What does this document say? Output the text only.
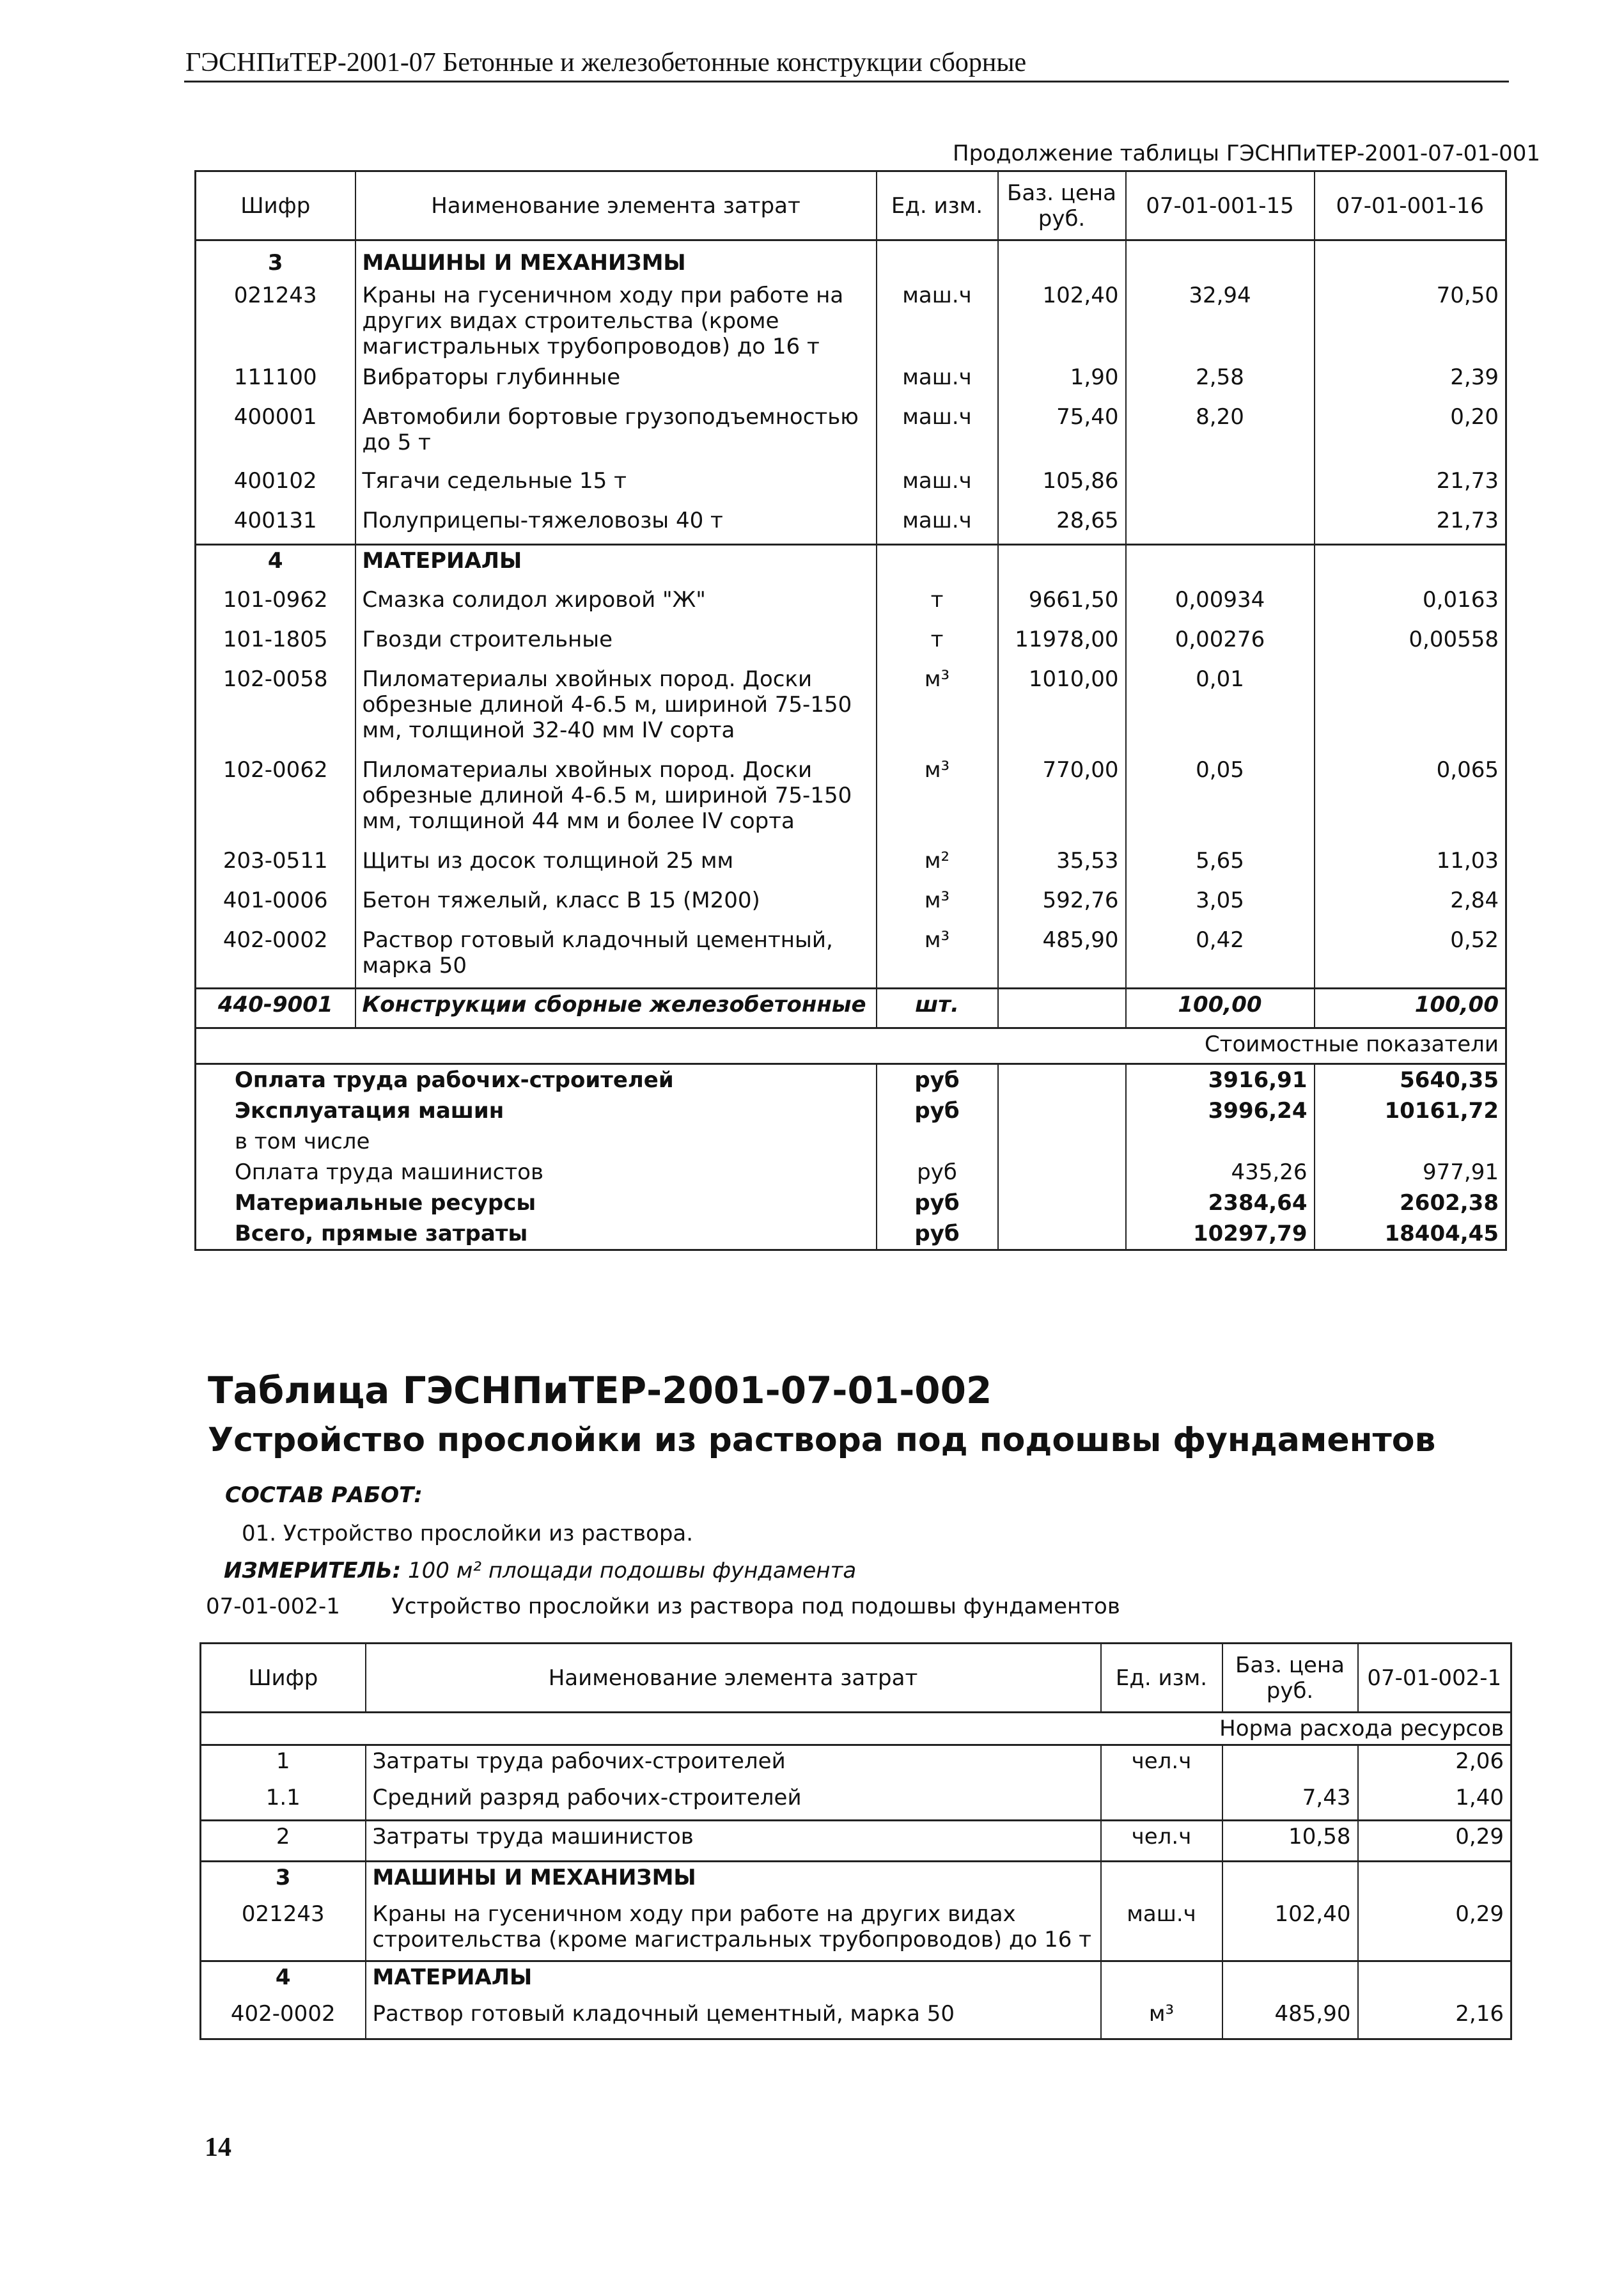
ГЭСНПиТЕР-2001-07 Бетонные и железобетонные конструкции сборные
Продолжение таблицы ГЭСНПиТЕР-2001-07-01-001
Шифр	Наименование элемента затрат	Ед. изм.	Баз. цена руб.	07-01-001-15	07-01-001-16
3	МАШИНЫ И МЕХАНИЗМЫ				
021243	Краны на гусеничном ходу при работе на других видах строительства (кроме магистральных трубопроводов) до 16 т	маш.ч	102,40	32,94	70,50
111100	Вибраторы глубинные	маш.ч	1,90	2,58	2,39
400001	Автомобили бортовые грузоподъемностью до 5 т	маш.ч	75,40	8,20	0,20
400102	Тягачи седельные 15 т	маш.ч	105,86		21,73
400131	Полуприцепы-тяжеловозы 40 т	маш.ч	28,65		21,73
4	МАТЕРИАЛЫ				
101-0962	Смазка солидол жировой "Ж"	т	9661,50	0,00934	0,0163
101-1805	Гвозди строительные	т	11978,00	0,00276	0,00558
102-0058	Пиломатериалы хвойных пород. Доски обрезные длиной 4-6.5 м, шириной 75-150 мм, толщиной 32-40 мм IV сорта	м³	1010,00	0,01	
102-0062	Пиломатериалы хвойных пород. Доски обрезные длиной 4-6.5 м, шириной 75-150 мм, толщиной 44 мм и более IV сорта	м³	770,00	0,05	0,065
203-0511	Щиты из досок толщиной 25 мм	м²	35,53	5,65	11,03
401-0006	Бетон тяжелый, класс В 15 (М200)	м³	592,76	3,05	2,84
402-0002	Раствор готовый кладочный цементный, марка 50	м³	485,90	0,42	0,52
440-9001	Конструкции сборные железобетонные	шт.		100,00	100,00
Стоимостные показатели					
Оплата труда рабочих-строителей		руб		3916,91	5640,35
Эксплуатация машин		руб		3996,24	10161,72
в том числе					
Оплата труда машинистов		руб		435,26	977,91
Материальные ресурсы		руб		2384,64	2602,38
Всего, прямые затраты		руб		10297,79	18404,45
Таблица ГЭСНПиТЕР-2001-07-01-002
Устройство прослойки из раствора под подошвы фундаментов
СОСТАВ РАБОТ:
01. Устройство прослойки из раствора.
ИЗМЕРИТЕЛЬ: 100 м² площади подошвы фундамента
07-01-002-1 Устройство прослойки из раствора под подошвы фундаментов
Шифр	Наименование элемента затрат	Ед. изм.	Баз. цена руб.	07-01-002-1
Норма расхода ресурсов				
1	Затраты труда рабочих-строителей	чел.ч		2,06
1.1	Средний разряд рабочих-строителей		7,43	1,40
2	Затраты труда машинистов	чел.ч	10,58	0,29
3	МАШИНЫ И МЕХАНИЗМЫ			
021243	Краны на гусеничном ходу при работе на других видах строительства (кроме магистральных трубопроводов) до 16 т	маш.ч	102,40	0,29
4	МАТЕРИАЛЫ			
402-0002	Раствор готовый кладочный цементный, марка 50	м³	485,90	2,16
14
